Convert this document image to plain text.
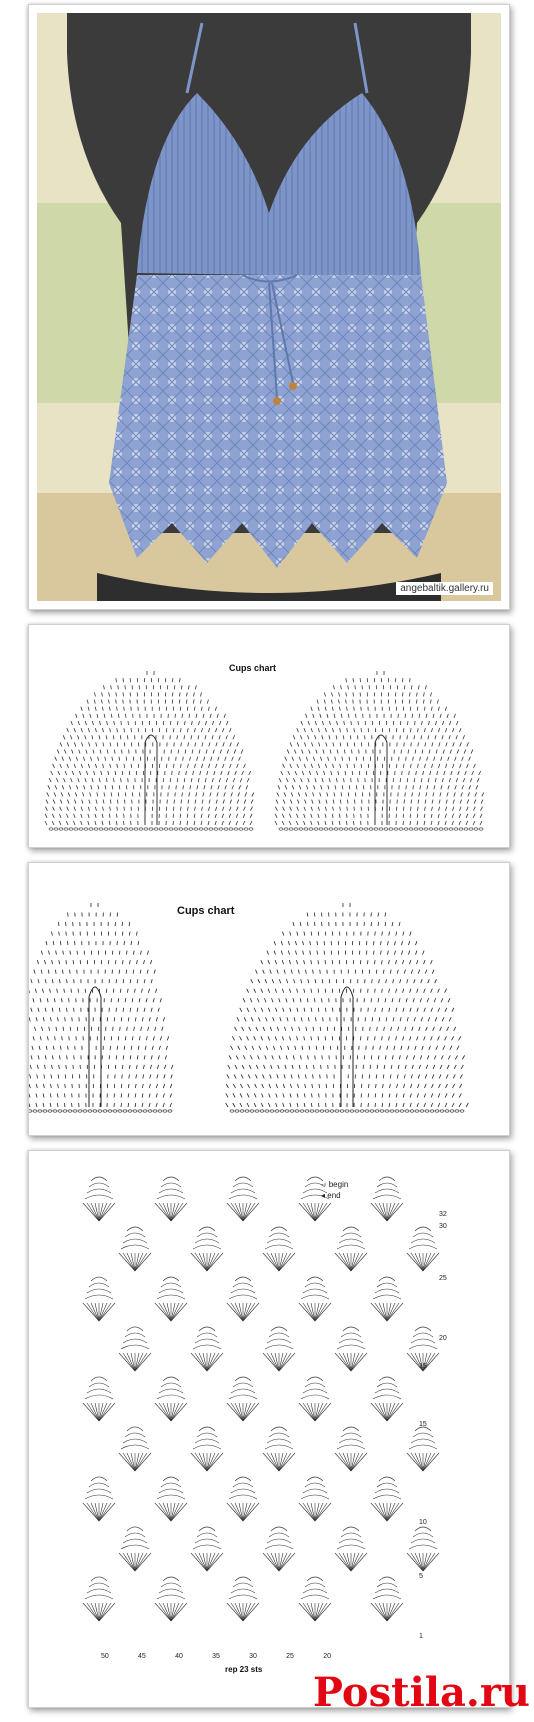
angebaltik.gallery.ru
Cups chart
Cups chart
-◦ begin
◂ end
32
30
25
20
19
15
10
5
1
50	45	40	35	30	25	20
rep 23 sts Postila.ru
